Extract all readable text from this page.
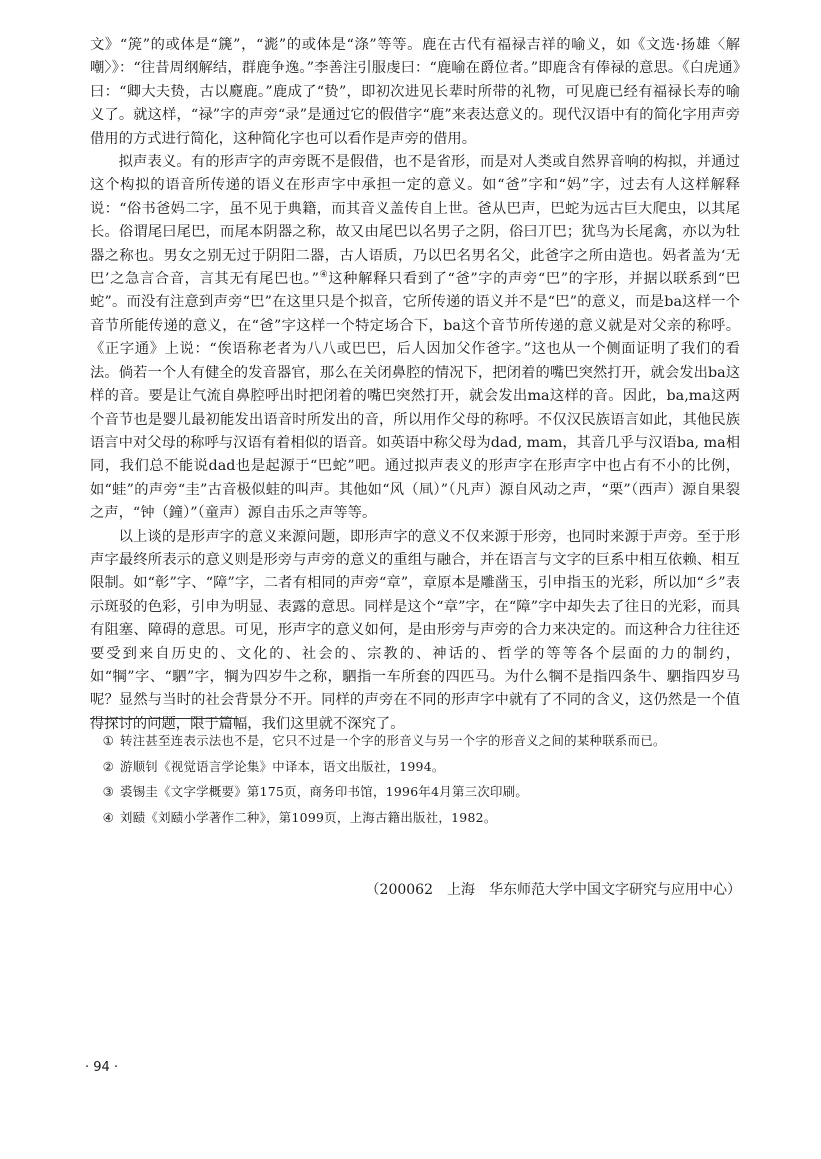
文》“箎”的或体是“篪”，“滮”的或体是“涤”等等。鹿在古代有福禄吉祥的喻义，如《文选·扬雄〈解嘲〉》：“往昔周纲解结，群鹿争逸。”李善注引服虔曰：“鹿喻在爵位者。”即鹿含有俸禄的意思。《白虎通》曰：“卿大夫贽，古以麑鹿。”鹿成了“贽”，即初次进见长辈时所带的礼物，可见鹿已经有福禄长寿的喻义了。就这样，“禄”字的声旁“录”是通过它的假借字“鹿”来表达意义的。现代汉语中有的简化字用声旁借用的方式进行简化，这种简化字也可以看作是声旁的借用。

拟声表义。有的形声字的声旁既不是假借，也不是省形，而是对人类或自然界音响的构拟，并通过这个构拟的语音所传递的语义在形声字中承担一定的意义。如“爸”字和“妈”字，过去有人这样解释说：“俗书爸妈二字，虽不见于典籍，而其音义盖传自上世。爸从巴声，巴蛇为远古巨大爬虫，以其尾长。俗谓尾曰尾巴，而尾本阴器之称，故又由尾巴以名男子之阴，俗曰丌巴；犹鸟为长尾禽，亦以为牡器之称也。男女之别无过于阴阳二器，古人语质，乃以巴名男名父，此爸字之所由造也。妈者盖为‘无巴’之急言合音，言其无有尾巴也。”④这种解释只看到了“爸”字的声旁“巴”的字形，并据以联系到“巴蛇”。而没有注意到声旁“巴”在这里只是个拟音，它所传递的语义并不是“巴”的意义，而是ba这样一个音节所能传递的意义，在“爸”字这样一个特定场合下，ba这个音节所传递的意义就是对父亲的称呼。《正字通》上说：“俟语称老者为八八或巴巴，后人因加父作爸字。”这也从一个侧面证明了我们的看法。倘若一个人有健全的发音器官，那么在关闭鼻腔的情况下，把闭着的嘴巴突然打开，就会发出ba这样的音。要是让气流自鼻腔呼出时把闭着的嘴巴突然打开，就会发出ma这样的音。因此，ba,ma这两个音节也是婴儿最初能发出语音时所发出的音，所以用作父母的称呼。不仅汉民族语言如此，其他民族语言中对父母的称呼与汉语有着相似的语音。如英语中称父母为dad, mam，其音几乎与汉语ba, ma相同，我们总不能说dad也是起源于“巴蛇”吧。通过拟声表义的形声字在形声字中也占有不小的比例，如“蛙”的声旁“圭”古音极似蛙的叫声。其他如“风（凬）”（凡声）源自风动之声，“栗”（西声）源自果裂之声，“钟（鐘）”（童声）源自击乐之声等等。

以上谈的是形声字的意义来源问题，即形声字的意义不仅来源于形旁，也同时来源于声旁。至于形声字最终所表示的意义则是形旁与声旁的意义的重组与融合，并在语言与文字的巨系中相互依赖、相互限制。如“彰”字、“障”字，二者有相同的声旁“章”，章原本是雕凿玉，引申指玉的光彩，所以加“彡”表示斑驳的色彩，引申为明显、表露的意思。同样是这个“章”字，在“障”字中却失去了往日的光彩，而具有阻塞、障碍的意思。可见，形声字的意义如何，是由形旁与声旁的合力来决定的。而这种合力往往还要受到来自历史的、文化的、社会的、宗教的、神话的、哲学的等等各个层面的力的制约，如“犅”字、“駟”字，犅为四岁牛之称，駟指一车所套的四匹马。为什么犅不是指四条牛、駟指四岁马呢？显然与当时的社会背景分不开。同样的声旁在不同的形声字中就有了不同的含义，这仍然是一个值得探讨的问题，限于篇幅，我们这里就不深究了。

① 转注甚至连表示法也不是，它只不过是一个字的形音义与另一个字的形音义之间的某种联系而已。

② 游顺钊《视觉语言学论集》中译本，语文出版社，1994。

③ 裘锡圭《文字学概要》第175页，商务印书馆，1996年4月第三次印刷。

④ 刘赜《刘赜小学著作二种》，第1099页，上海古籍出版社，1982。

（200062　上海　华东师范大学中国文字研究与应用中心）
· 94 ·
